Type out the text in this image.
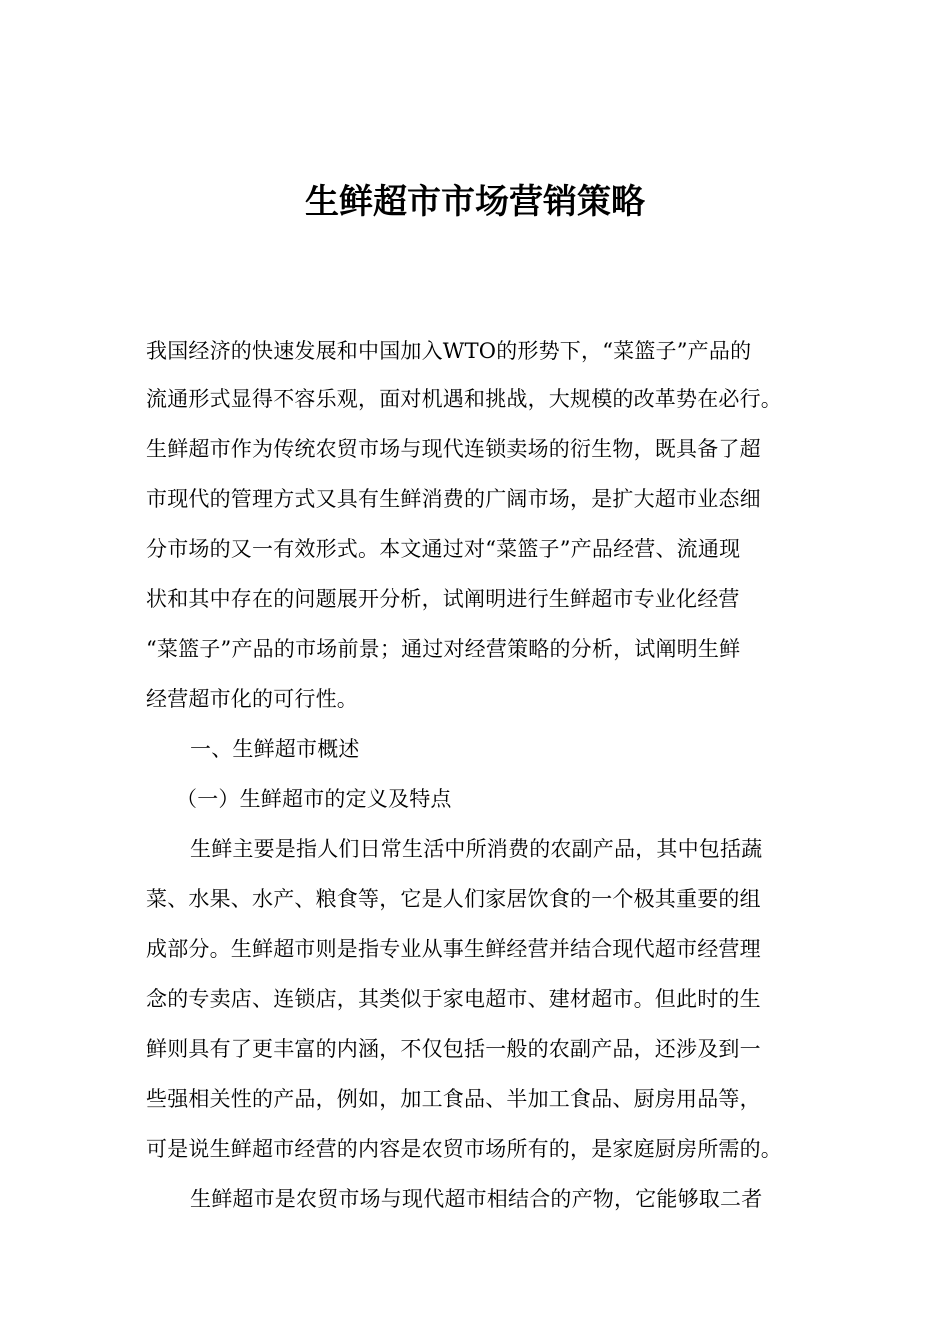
生鲜超市市场营销策略
我国经济的快速发展和中国加入WTO的形势下，“菜篮子”产品的
流通形式显得不容乐观，面对机遇和挑战，大规模的改革势在必行。
生鲜超市作为传统农贸市场与现代连锁卖场的衍生物，既具备了超
市现代的管理方式又具有生鲜消费的广阔市场，是扩大超市业态细
分市场的又一有效形式。本文通过对“菜篮子”产品经营、流通现
状和其中存在的问题展开分析，试阐明进行生鲜超市专业化经营
“菜篮子”产品的市场前景；通过对经营策略的分析，试阐明生鲜
经营超市化的可行性。
一、生鲜超市概述
（一）生鲜超市的定义及特点
生鲜主要是指人们日常生活中所消费的农副产品，其中包括蔬
菜、水果、水产、粮食等，它是人们家居饮食的一个极其重要的组
成部分。生鲜超市则是指专业从事生鲜经营并结合现代超市经营理
念的专卖店、连锁店，其类似于家电超市、建材超市。但此时的生
鲜则具有了更丰富的内涵，不仅包括一般的农副产品，还涉及到一
些强相关性的产品，例如，加工食品、半加工食品、厨房用品等，
可是说生鲜超市经营的内容是农贸市场所有的，是家庭厨房所需的。
生鲜超市是农贸市场与现代超市相结合的产物，它能够取二者
